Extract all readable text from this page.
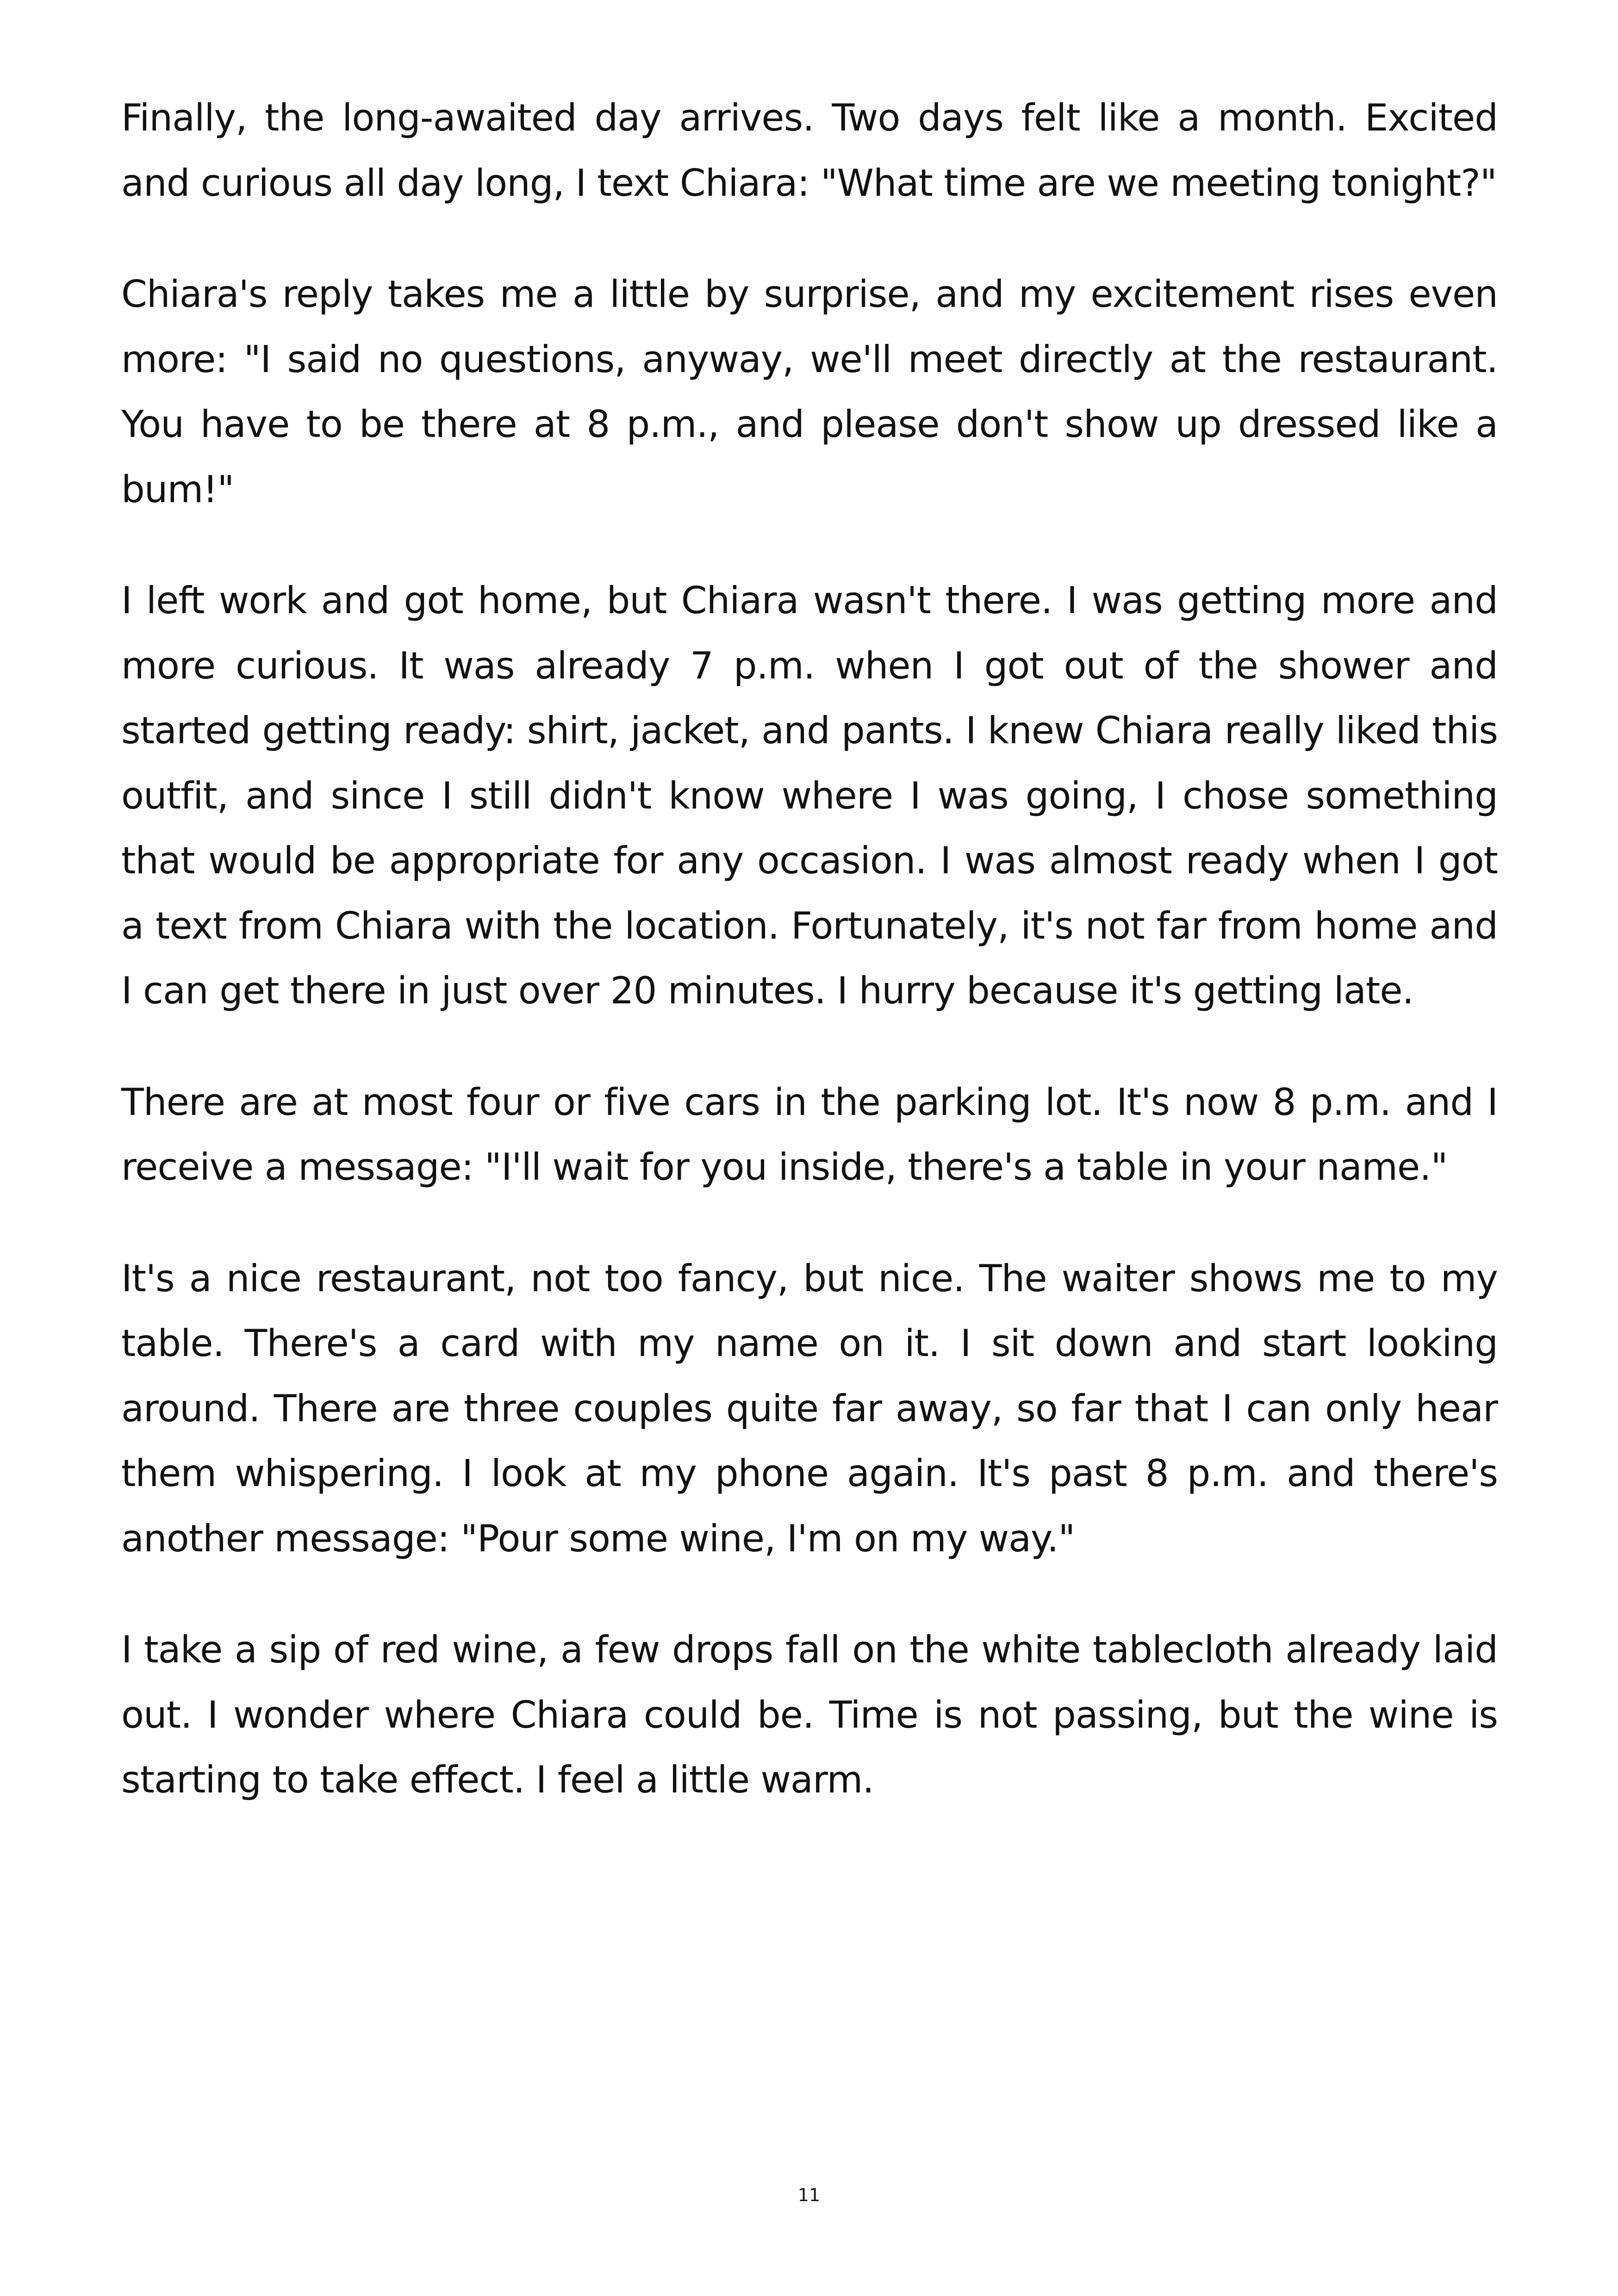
Finally, the long-awaited day arrives. Two days felt like a month. Excited and curious all day long, I text Chiara: "What time are we meeting tonight?"

Chiara's reply takes me a little by surprise, and my excitement rises even more: "I said no questions, anyway, we'll meet directly at the restaurant. You have to be there at 8 p.m., and please don't show up dressed like a bum!"

I left work and got home, but Chiara wasn't there. I was getting more and more curious. It was already 7 p.m. when I got out of the shower and started getting ready: shirt, jacket, and pants. I knew Chiara really liked this outfit, and since I still didn't know where I was going, I chose something that would be appropriate for any occasion. I was almost ready when I got a text from Chiara with the location. Fortunately, it's not far from home and I can get there in just over 20 minutes. I hurry because it's getting late.

There are at most four or five cars in the parking lot. It's now 8 p.m. and I receive a message: "I'll wait for you inside, there's a table in your name."

It's a nice restaurant, not too fancy, but nice. The waiter shows me to my table. There's a card with my name on it. I sit down and start looking around. There are three couples quite far away, so far that I can only hear them whispering. I look at my phone again. It's past 8 p.m. and there's another message: "Pour some wine, I'm on my way."

I take a sip of red wine, a few drops fall on the white tablecloth already laid out. I wonder where Chiara could be. Time is not passing, but the wine is starting to take effect. I feel a little warm.

11
